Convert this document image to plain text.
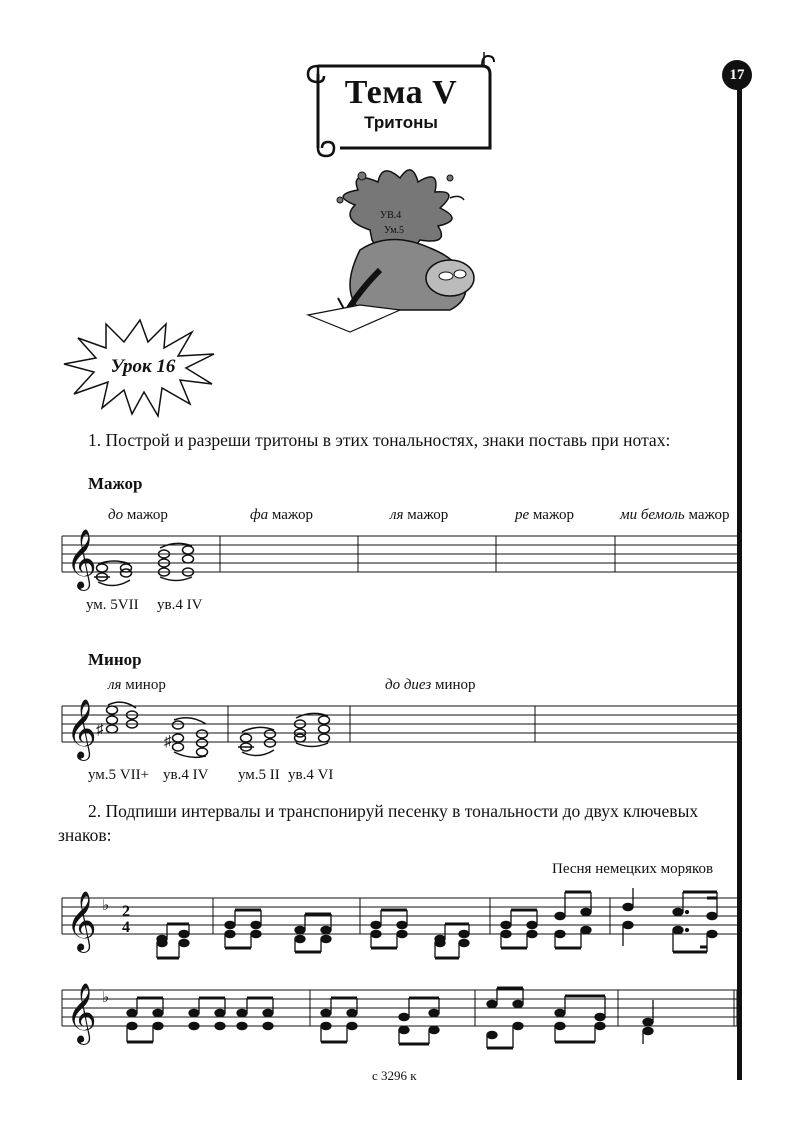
17
Тема V
Тритоны
УВ.4
Ум.5
Урок 16
1. Построй и разреши тритоны в этих тональностях, знаки поставь при нотах:
Мажор
до мажор	фа мажор	ля мажор	ре мажор	ми бемоль мажор
𝄞
ум. 5VII ув.4 IV
Минор
ля минор	до диез минор
𝄞 ♯
♯
ум.5 VII+ ув.4 IV ум.5 II ув.4 VI
2. Подпиши интервалы и транспонируй песенку в тональности до двух ключевых
знаков:
Песня немецких моряков
𝄞 ♭ 2
4
𝄞 ♭
с 3296 к
